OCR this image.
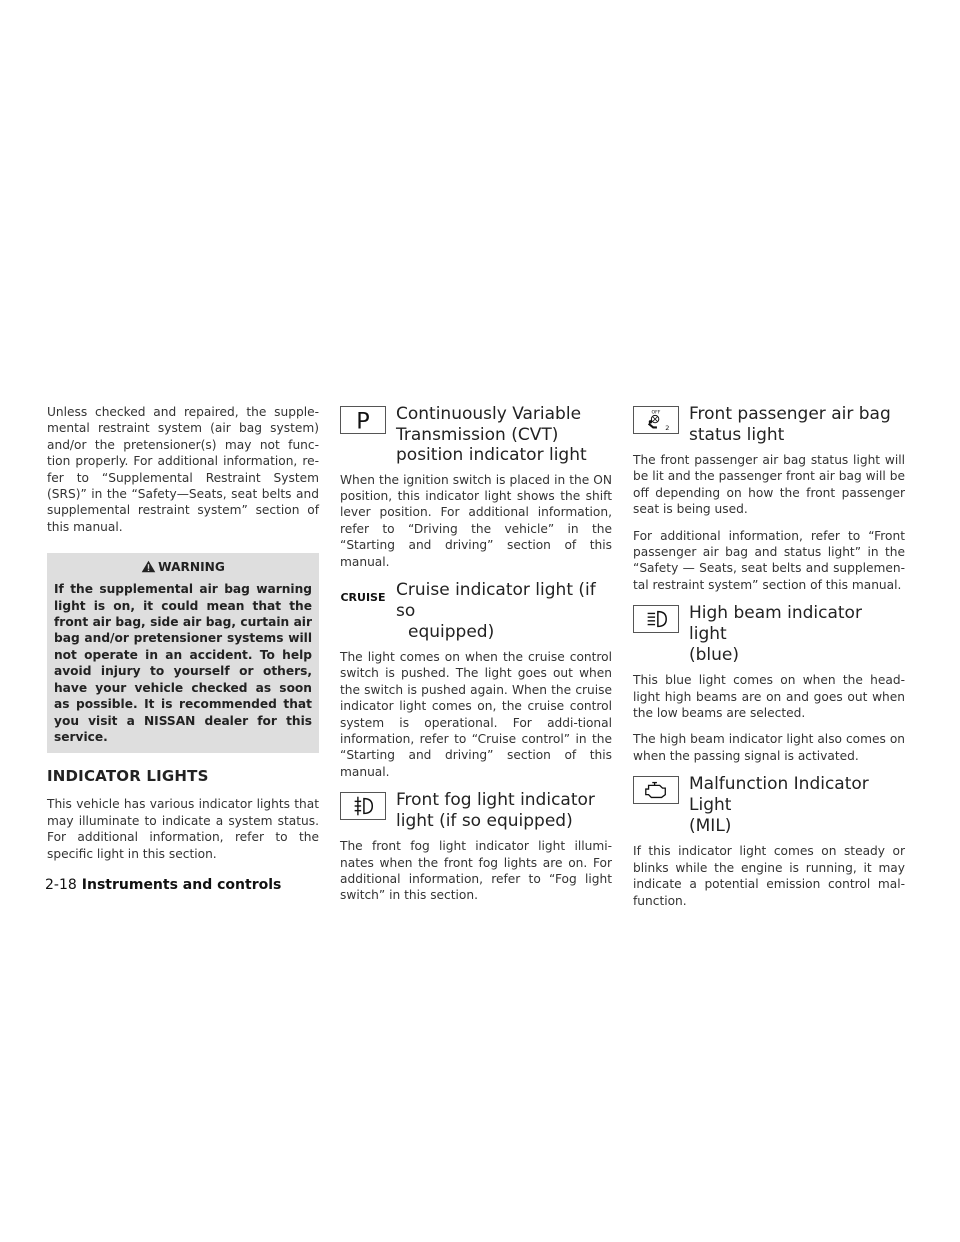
Unless checked and repaired, the supple-mental restraint system (air bag system) and/or the pretensioner(s) may not func-tion properly. For additional information, re-fer to “Supplemental Restraint System (SRS)” in the “Safety—Seats, seat belts and supplemental restraint system” section of this manual.

WARNING

If the supplemental air bag warning light is on, it could mean that the front air bag, side air bag, curtain air bag and/or pretensioner systems will not operate in an accident. To help avoid injury to yourself or others, have your vehicle checked as soon as possible. It is recommended that you visit a NISSAN dealer for this service.

INDICATOR LIGHTS

This vehicle has various indicator lights that may illuminate to indicate a system status. For additional information, refer to the specific light in this section.

P Continuously Variable Transmission (CVT) position indicator light

When the ignition switch is placed in the ON position, this indicator light shows the shift lever position. For additional information, refer to “Driving the vehicle” in the “Starting and driving” section of this manual.

CRUISE Cruise indicator light (if so
equipped)

The light comes on when the cruise control switch is pushed. The light goes out when the switch is pushed again. When the cruise indicator light comes on, the cruise control system is operational. For addi-tional information, refer to “Cruise control” in the “Starting and driving” section of this manual.

Front fog light indicator
light (if so equipped)

The front fog light indicator light illumi-nates when the front fog lights are on. For additional information, refer to “Fog light switch” in this section.

OFF
2
Front passenger air bag
status light

The front passenger air bag status light will be lit and the passenger front air bag will be off depending on how the front passenger seat is being used.

For additional information, refer to “Front passenger air bag and status light” in the “Safety — Seats, seat belts and supplemen-tal restraint system” section of this manual.

High beam indicator light
(blue)

This blue light comes on when the head-light high beams are on and goes out when the low beams are selected.

The high beam indicator light also comes on when the passing signal is activated.

Malfunction Indicator Light
(MIL)

If this indicator light comes on steady or blinks while the engine is running, it may indicate a potential emission control mal-function.

2-18 Instruments and controls
